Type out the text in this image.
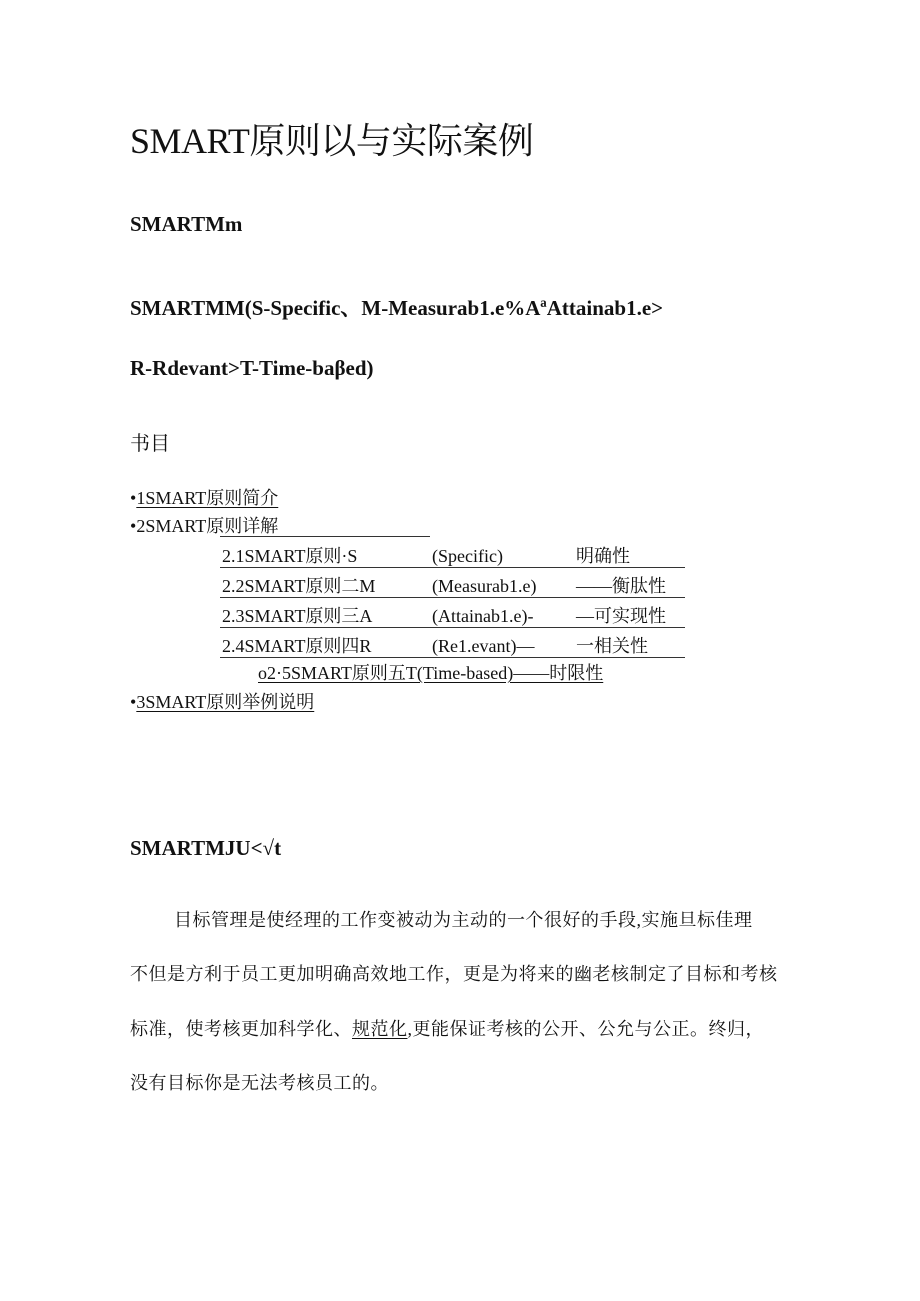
SMART原则以与实际案例
SMARTMm
SMARTMM(S-Specific、M-Measurab1.e%AªAttainab1.e>
R-Rdevant>T-Time-baβed)
书目
•1SMART原则简介
•2SMART原则详解
2.1SMART原则·S	(Specific)	明确性
2.2SMART原则二M	(Measurab1.e) ——衡肽性
2.3SMART原则三A	(Attainab1.e)- —可实现性
2.4SMART原则四R	(Re1.evant)— 一相关性
o2·5SMART原则五T(Time-based)——时限性
•3SMART原则举例说明
SMARTMJU<√t
目标管理是使经理的工作变被动为主动的一个很好的手段,实施旦标佳理
不但是方利于员工更加明确高效地工作，更是为将来的幽老核制定了目标和考核
标准，使考核更加科学化、规范化,更能保证考核的公开、公允与公正。终归，
没有目标你是无法考核员工的。
